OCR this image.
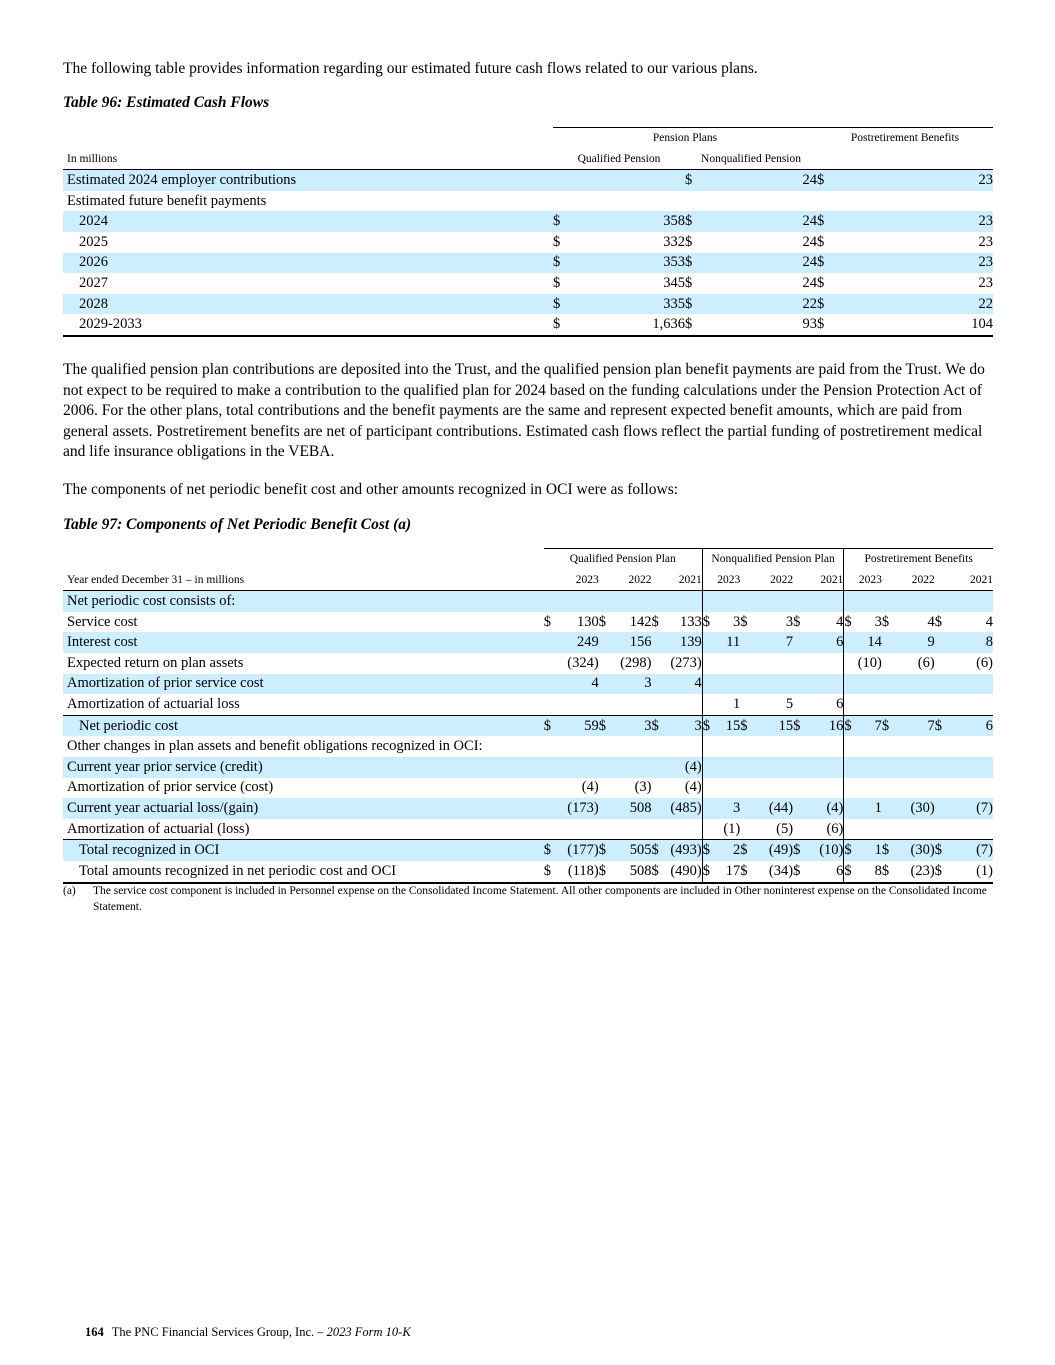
The following table provides information regarding our estimated future cash flows related to our various plans.

Table 96: Estimated Cash Flows
	Pension Plans				Postretirement Benefits	
In millions	Qualified Pension		Nonqualified Pension			
Estimated 2024 employer contributions			$	24	$	23
Estimated future benefit payments						
2024	$	358	$	24	$	23
2025	$	332	$	24	$	23
2026	$	353	$	24	$	23
2027	$	345	$	24	$	23
2028	$	335	$	22	$	22
2029-2033	$	1,636	$	93	$	104

The qualified pension plan contributions are deposited into the Trust, and the qualified pension plan benefit payments are paid from the Trust. We do not expect to be required to make a contribution to the qualified plan for 2024 based on the funding calculations under the Pension Protection Act of 2006. For the other plans, total contributions and the benefit payments are the same and represent expected benefit amounts, which are paid from general assets. Postretirement benefits are net of participant contributions. Estimated cash flows reflect the partial funding of postretirement medical and life insurance obligations in the VEBA.

The components of net periodic benefit cost and other amounts recognized in OCI were as follows:

Table 97: Components of Net Periodic Benefit Cost (a)
	Qualified Pension Plan						Nonqualified Pension Plan						Postretirement Benefits					
Year ended December 31 – in millions	2023		2022		2021		2023		2022		2021		2023		2022		2021	
Net periodic cost consists of:																		
Service cost	$	130	$	142	$	133	$	3	$	3	$	4	$	3	$	4	$	4
Interest cost		249		156		139		11		7		6		14		9		8
Expected return on plan assets		(324)		(298)		(273)								(10)		(6)		(6)
Amortization of prior service cost		4		3		4												
Amortization of actuarial loss								1		5		6						
Net periodic cost	$	59	$	3	$	3	$	15	$	15	$	16	$	7	$	7	$	6
Other changes in plan assets and benefit obligations recognized in OCI:																		
Current year prior service (credit)						(4)												
Amortization of prior service (cost)		(4)		(3)		(4)												
Current year actuarial loss/(gain)		(173)		508		(485)		3		(44)		(4)		1		(30)		(7)
Amortization of actuarial (loss)								(1)		(5)		(6)						
Total recognized in OCI	$	(177)	$	505	$	(493)	$	2	$	(49)	$	(10)	$	1	$	(30)	$	(7)
Total amounts recognized in net periodic cost and OCI	$	(118)	$	508	$	(490)	$	17	$	(34)	$	6	$	8	$	(23)	$	(1)
(a) The service cost component is included in Personnel expense on the Consolidated Income Statement. All other components are included in Other noninterest expense on the Consolidated Income Statement.
164 The PNC Financial Services Group, Inc. – 2023 Form 10-K
